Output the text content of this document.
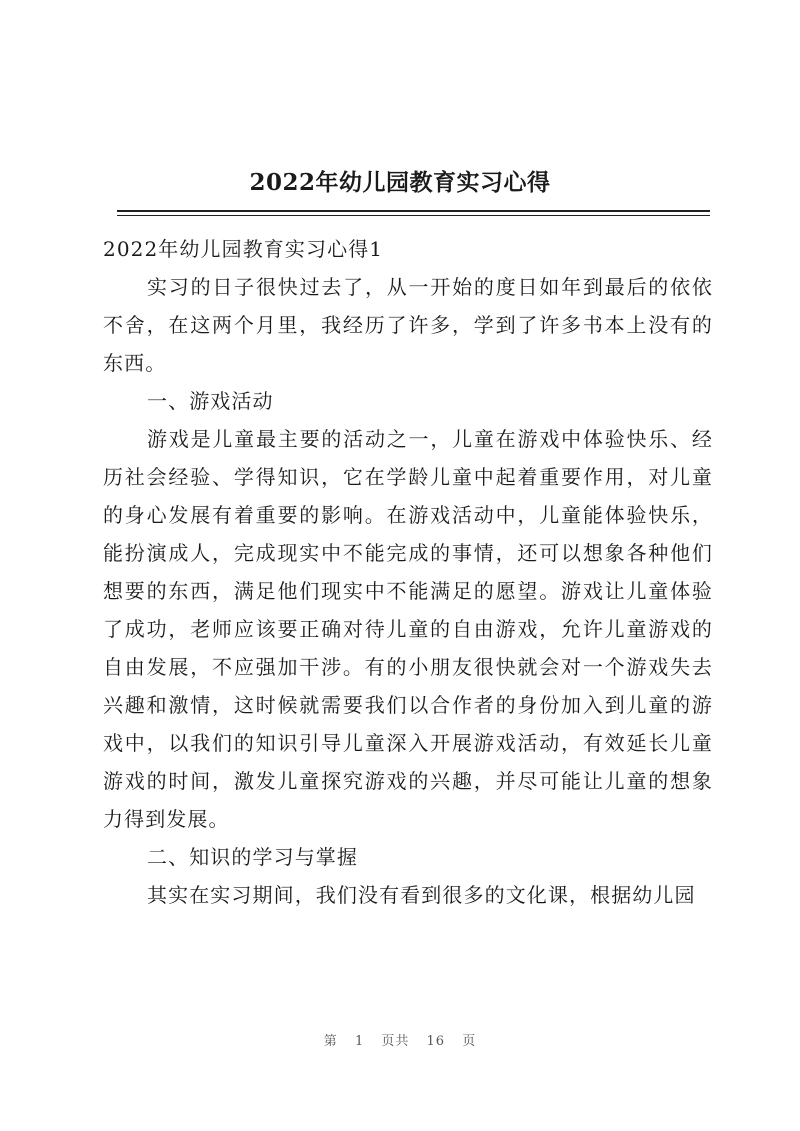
2022年幼儿园教育实习心得

2022年幼儿园教育实习心得1

实习的日子很快过去了，从一开始的度日如年到最后的依依不舍，在这两个月里，我经历了许多，学到了许多书本上没有的东西。

一、游戏活动

游戏是儿童最主要的活动之一，儿童在游戏中体验快乐、经历社会经验、学得知识，它在学龄儿童中起着重要作用，对儿童的身心发展有着重要的影响。在游戏活动中，儿童能体验快乐，能扮演成人，完成现实中不能完成的事情，还可以想象各种他们想要的东西，满足他们现实中不能满足的愿望。游戏让儿童体验了成功，老师应该要正确对待儿童的自由游戏，允许儿童游戏的自由发展，不应强加干涉。有的小朋友很快就会对一个游戏失去兴趣和激情，这时候就需要我们以合作者的身份加入到儿童的游戏中，以我们的知识引导儿童深入开展游戏活动，有效延长儿童游戏的时间，激发儿童探究游戏的兴趣，并尽可能让儿童的想象力得到发展。

二、知识的学习与掌握

其实在实习期间，我们没有看到很多的文化课，根据幼儿园

第 1 页共 16 页
